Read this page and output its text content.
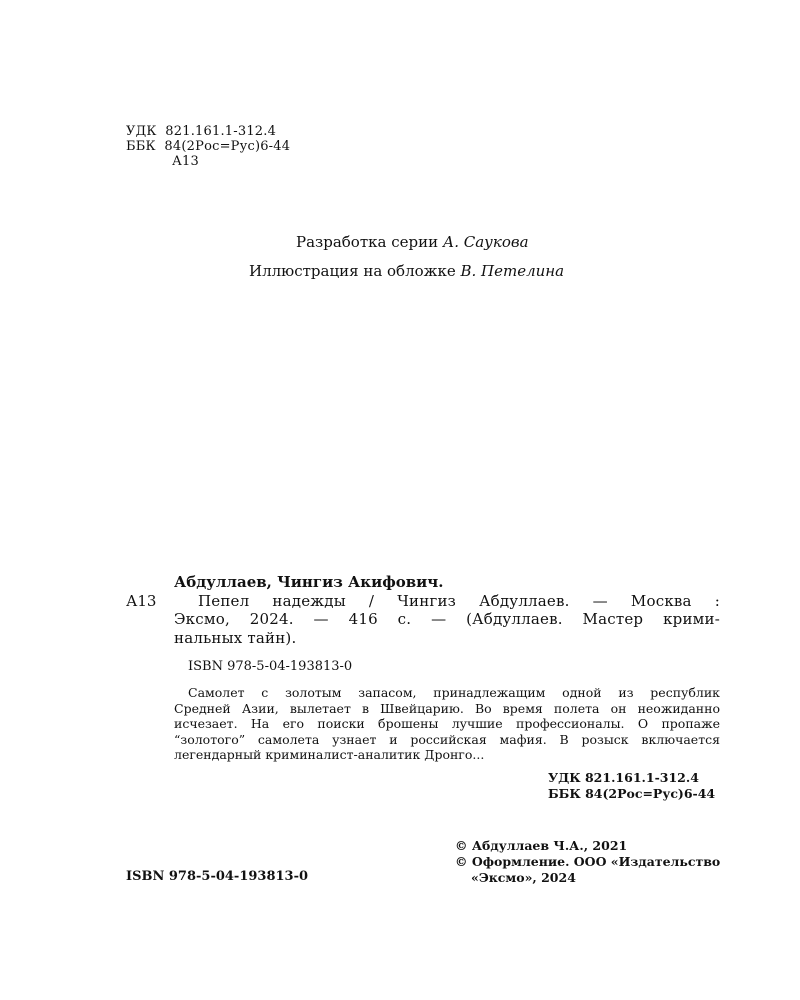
УДК  821.161.1-312.4
ББК  84(2Рос=Рус)6-44
А13
Разработка серии А. Саукова
Иллюстрация на обложке В. Петелина
А13
Абдуллаев, Чингиз Акифович.
Пепел надежды / Чингиз Абдуллаев. — Москва :
Эксмо, 2024. — 416 с. — (Абдуллаев. Мастер крими-
нальных тайн).
ISBN 978-5-04-193813-0
Самолет с золотым запасом, принадлежащим одной из республик
Средней Азии, вылетает в Швейцарию. Во время полета он неожиданно
исчезает. На его поиски брошены лучшие профессионалы. О пропаже
“золотого” самолета узнает и российская мафия. В розыск включается
легендарный криминалист-аналитик Дронго...
УДК 821.161.1-312.4
ББК 84(2Рос=Рус)6-44
© Абдуллаев Ч.А., 2021
© Оформление. ООО «Издательство
«Эксмо», 2024
ISBN 978-5-04-193813-0
